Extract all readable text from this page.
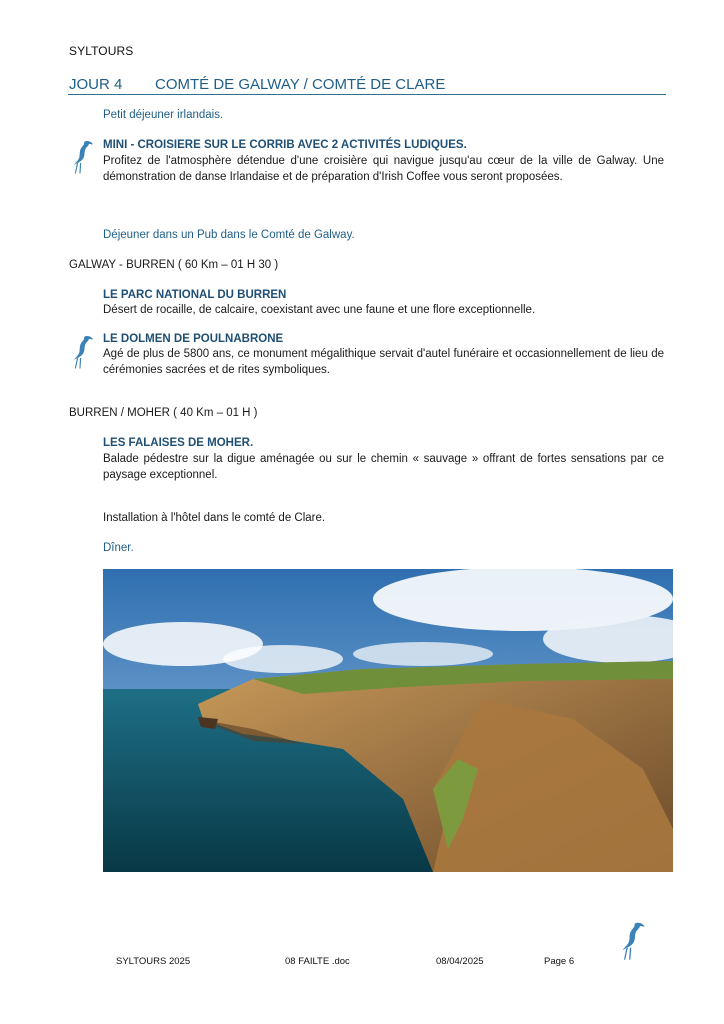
SYLTOURS
JOUR 4 COMTÉ DE GALWAY / COMTÉ DE CLARE
Petit déjeuner irlandais.
MINI - CROISIERE SUR LE CORRIB AVEC 2 ACTIVITÉS LUDIQUES.
Profitez de l'atmosphère détendue d'une croisière qui navigue jusqu'au cœur de la ville de Galway. Une démonstration de danse Irlandaise et de préparation d'Irish Coffee vous seront proposées.
Déjeuner dans un Pub dans le Comté de Galway.
GALWAY - BURREN ( 60 Km – 01 H 30 )
LE PARC NATIONAL DU BURREN
Désert de rocaille, de calcaire, coexistant avec une faune et une flore exceptionnelle.
LE DOLMEN DE POULNABRONE
Agé de plus de 5800 ans, ce monument mégalithique servait d'autel funéraire et occasionnellement de lieu de cérémonies sacrées et de rites symboliques.
BURREN / MOHER ( 40 Km – 01 H )
LES FALAISES DE MOHER.
Balade pédestre sur la digue aménagée ou sur le chemin « sauvage » offrant de fortes sensations par ce paysage exceptionnel.
Installation à l'hôtel dans le comté de Clare.
Dîner.
SYLTOURS 2025	08 FAILTE .doc	08/04/2025	Page 6
